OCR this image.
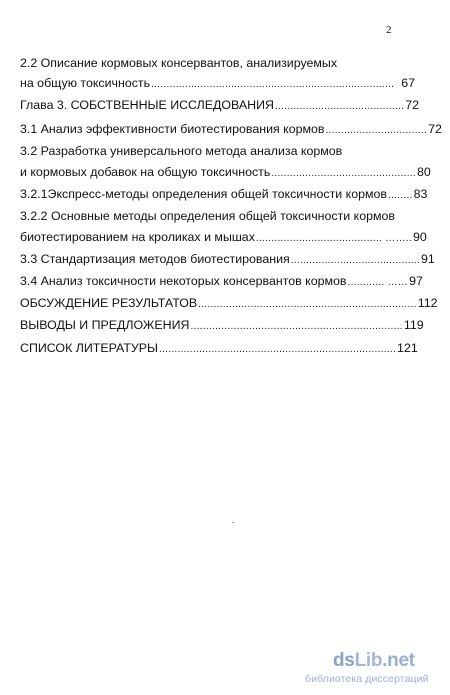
2
2.2 Описание кормовых консервантов, анализируемых
на общую токсичность ............................................................................... 67
Глава 3. СОБСТВЕННЫЕ ИССЛЕДОВАНИЯ .......................................... 72
3.1 Анализ эффективности биотестирования кормов ................................. 72
3.2 Разработка универсального метода анализа кормов
и кормовых добавок на общую токсичность ............................................... 80
3.2.1Экспресс-методы определения общей токсичности кормов ........ 83
3.2.2 Основные методы определения общей токсичности кормов
биотестированием на кроликах и мышах ......................................... …….. 90
3.3 Стандартизация методов биотестирования .......................................... 91
3.4 Анализ токсичности некоторых консервантов кормов ............ …… 97
ОБСУЖДЕНИЕ РЕЗУЛЬТАТОВ ....................................................................... 112
ВЫВОДЫ И ПРЕДЛОЖЕНИЯ ..................................................................... 119
СПИСОК ЛИТЕРАТУРЫ ............................................................................. 121
dsLib.net
библиотека диссертаций
